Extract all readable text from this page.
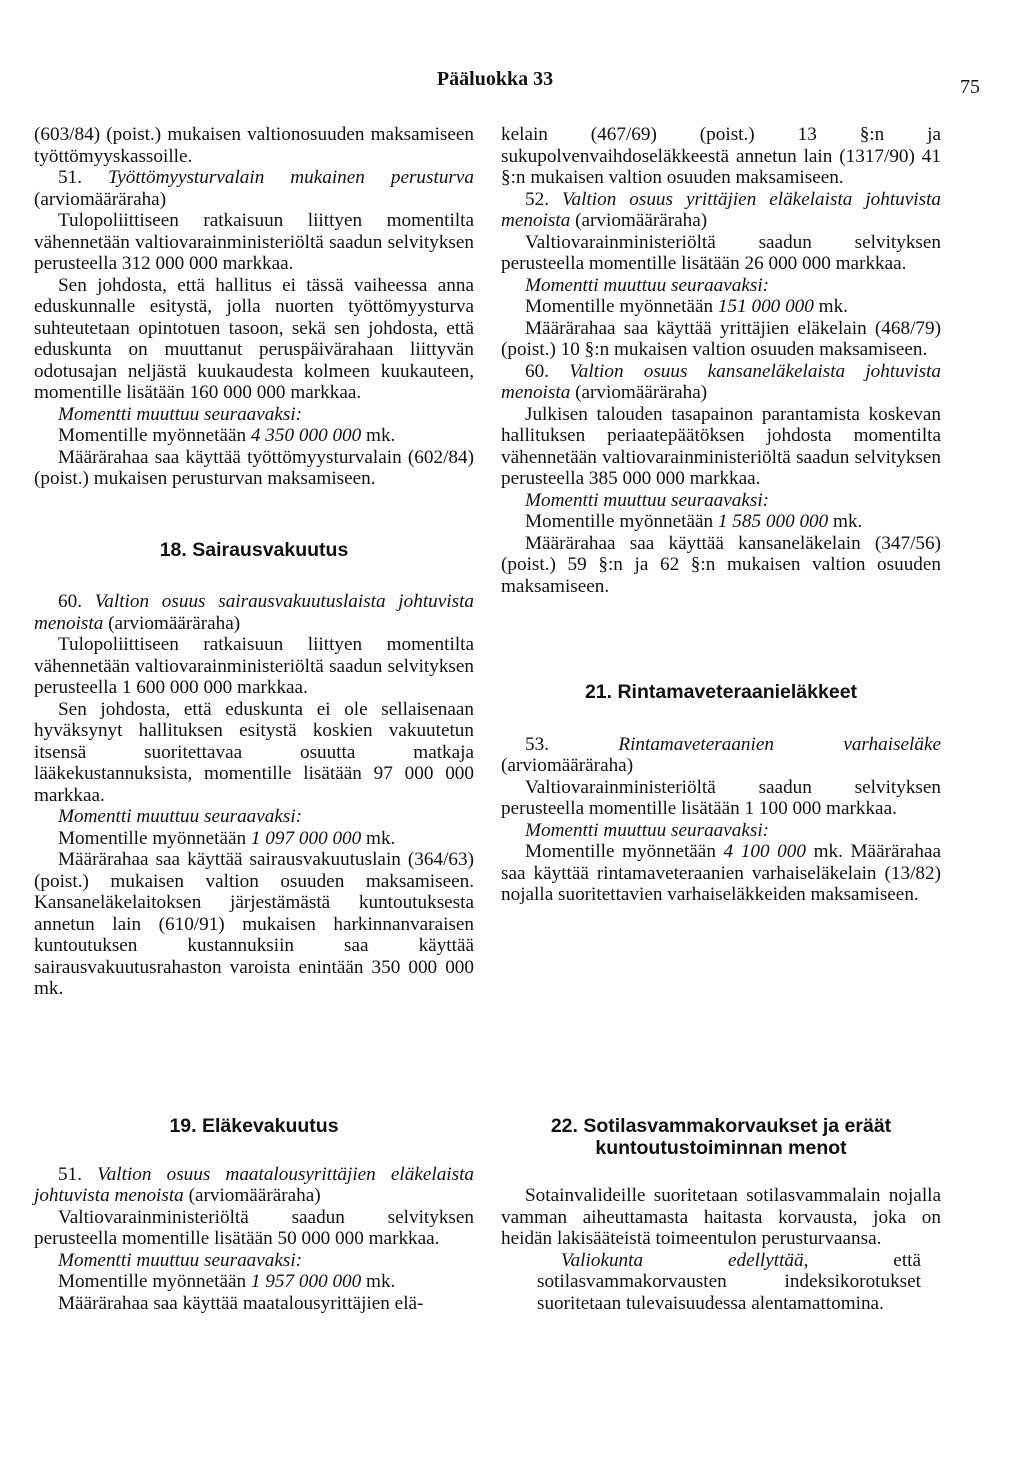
Pääluokka 33	75

(603/84) (poist.) mukaisen valtionosuuden maksamiseen työttömyyskassoille.

51. Työttömyysturvalain mukainen perusturva (arviomääräraha)

Tulopoliittiseen ratkaisuun liittyen momentilta vähennetään valtiovarainministeriöltä saadun selvityksen perusteella 312 000 000 markkaa.

Sen johdosta, että hallitus ei tässä vaiheessa anna eduskunnalle esitystä, jolla nuorten työttömyysturva suhteutetaan opintotuen tasoon, sekä sen johdosta, että eduskunta on muuttanut peruspäivärahaan liittyvän odotusajan neljästä kuukaudesta kolmeen kuukauteen, momentille lisätään 160 000 000 markkaa.

Momentti muuttuu seuraavaksi:

Momentille myönnetään 4 350 000 000 mk.

Määrärahaa saa käyttää työttömyysturvalain (602/84) (poist.) mukaisen perusturvan maksamiseen.

18. Sairausvakuutus

60. Valtion osuus sairausvakuutuslaista johtuvista menoista (arviomääräraha)

Tulopoliittiseen ratkaisuun liittyen momentilta vähennetään valtiovarainministeriöltä saadun selvityksen perusteella 1 600 000 000 markkaa.

Sen johdosta, että eduskunta ei ole sellaisenaan hyväksynyt hallituksen esitystä koskien vakuutetun itsensä suoritettavaa osuutta matkaja lääkekustannuksista, momentille lisätään 97 000 000 markkaa.

Momentti muuttuu seuraavaksi:

Momentille myönnetään 1 097 000 000 mk.

Määrärahaa saa käyttää sairausvakuutuslain (364/63) (poist.) mukaisen valtion osuuden maksamiseen. Kansaneläkelaitoksen järjestämästä kuntoutuksesta annetun lain (610/91) mukaisen harkinnanvaraisen kuntoutuksen kustannuksiin saa käyttää sairausvakuutusrahaston varoista enintään 350 000 000 mk.

kelain (467/69) (poist.) 13 §:n ja sukupolvenvaihdoseläkkeestä annetun lain (1317/90) 41 §:n mukaisen valtion osuuden maksamiseen.

52. Valtion osuus yrittäjien eläkelaista johtuvista menoista (arviomääräraha)

Valtiovarainministeriöltä saadun selvityksen perusteella momentille lisätään 26 000 000 markkaa.

Momentti muuttuu seuraavaksi:

Momentille myönnetään 151 000 000 mk.

Määrärahaa saa käyttää yrittäjien eläkelain (468/79) (poist.) 10 §:n mukaisen valtion osuuden maksamiseen.

60. Valtion osuus kansaneläkelaista johtuvista menoista (arviomääräraha)

Julkisen talouden tasapainon parantamista koskevan hallituksen periaatepäätöksen johdosta momentilta vähennetään valtiovarainministeriöltä saadun selvityksen perusteella 385 000 000 markkaa.

Momentti muuttuu seuraavaksi:

Momentille myönnetään 1 585 000 000 mk.

Määrärahaa saa käyttää kansaneläkelain (347/56) (poist.) 59 §:n ja 62 §:n mukaisen valtion osuuden maksamiseen.

21. Rintamaveteraanieläkkeet

53.	Rintamaveteraanien varhaiseläke (arviomääräraha)

Valtiovarainministeriöltä saadun selvityksen perusteella momentille lisätään 1 100 000 markkaa.

Momentti muuttuu seuraavaksi:

Momentille myönnetään 4 100 000 mk. Määrärahaa saa käyttää rintamaveteraanien varhaiseläkelain (13/82) nojalla suoritettavien varhaiseläkkeiden maksamiseen.

19. Eläkevakuutus

51. Valtion osuus maatalousyrittäjien eläkelaista johtuvista menoista (arviomääräraha)

Valtiovarainministeriöltä saadun selvityksen perusteella momentille lisätään 50 000 000 markkaa.

Momentti muuttuu seuraavaksi:

Momentille myönnetään 1 957 000 000 mk.

Määrärahaa saa käyttää maatalousyrittäjien elä-

22. Sotilasvammakorvaukset ja eräät kuntoutustoiminnan menot

Sotainvalideille suoritetaan sotilasvammalain nojalla vamman aiheuttamasta haitasta korvausta, joka on heidän lakisääteistä toimeentulon perusturvaansa.

Valiokunta edellyttää,	että sotilasvammakorvausten indeksikorotukset suoritetaan tulevaisuudessa alentamattomina.
